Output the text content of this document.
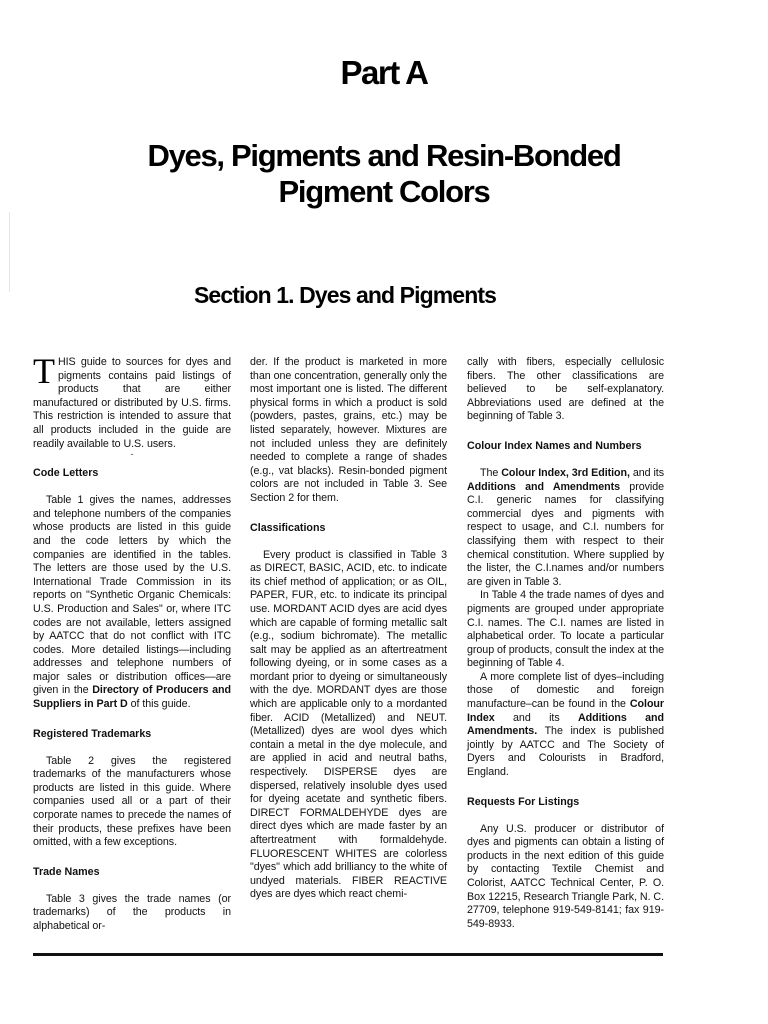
Part A
Dyes, Pigments and Resin-Bonded
Pigment Colors
Section 1. Dyes and Pigments

THIS guide to sources for dyes and pigments contains paid listings of products that are either manufactured or distributed by U.S. firms. This restriction is intended to assure that all products included in the guide are readily available to U.S. users.

-
Code Letters

Table 1 gives the names, addresses and telephone numbers of the companies whose products are listed in this guide and the code letters by which the companies are identified in the tables. The letters are those used by the U.S. International Trade Commission in its reports on "Synthetic Organic Chemicals: U.S. Production and Sales" or, where ITC codes are not available, letters assigned by AATCC that do not conflict with ITC codes. More detailed listings—including addresses and telephone numbers of major sales or distribution offices—are given in the Directory of Producers and Suppliers in Part D of this guide.

Registered Trademarks

Table 2 gives the registered trademarks of the manufacturers whose products are listed in this guide. Where companies used all or a part of their corporate names to precede the names of their products, these prefixes have been omitted, with a few exceptions.

Trade Names

Table 3 gives the trade names (or trademarks) of the products in alphabetical or-

der. If the product is marketed in more than one concentration, generally only the most important one is listed. The different physical forms in which a product is sold (powders, pastes, grains, etc.) may be listed separately, however. Mixtures are not included unless they are definitely needed to complete a range of shades (e.g., vat blacks). Resin-bonded pigment colors are not included in Table 3. See Section 2 for them.

Classifications

Every product is classified in Table 3 as DIRECT, BASIC, ACID, etc. to indicate its chief method of application; or as OIL, PAPER, FUR, etc. to indicate its principal use. MORDANT ACID dyes are acid dyes which are capable of forming metallic salt (e.g., sodium bichromate). The metallic salt may be applied as an aftertreatment following dyeing, or in some cases as a mordant prior to dyeing or simultaneously with the dye. MORDANT dyes are those which are applicable only to a mordanted fiber. ACID (Metallized) and NEUT. (Metallized) dyes are wool dyes which contain a metal in the dye molecule, and are applied in acid and neutral baths, respectively. DISPERSE dyes are dispersed, relatively insoluble dyes used for dyeing acetate and synthetic fibers. DIRECT FORMALDEHYDE dyes are direct dyes which are made faster by an aftertreatment with formaldehyde. FLUORESCENT WHITES are colorless "dyes" which add brilliancy to the white of undyed materials. FIBER REACTIVE dyes are dyes which react chemi-

cally with fibers, especially cellulosic fibers. The other classifications are believed to be self-explanatory. Abbreviations used are defined at the beginning of Table 3.

Colour Index Names and Numbers

The Colour Index, 3rd Edition, and its Additions and Amendments provide C.I. generic names for classifying commercial dyes and pigments with respect to usage, and C.I. numbers for classifying them with respect to their chemical constitution. Where supplied by the lister, the C.I.names and/or numbers are given in Table 3.

In Table 4 the trade names of dyes and pigments are grouped under appropriate C.I. names. The C.I. names are listed in alphabetical order. To locate a particular group of products, consult the index at the beginning of Table 4.

A more complete list of dyes–including those of domestic and foreign manufacture–can be found in the Colour Index and its Additions and Amendments. The index is published jointly by AATCC and The Society of Dyers and Colourists in Bradford, England.

Requests For Listings

Any U.S. producer or distributor of dyes and pigments can obtain a listing of products in the next edition of this guide by contacting Textile Chemist and Colorist, AATCC Technical Center, P. O. Box 12215, Research Triangle Park, N. C. 27709, telephone 919-549-8141; fax 919-549-8933.
